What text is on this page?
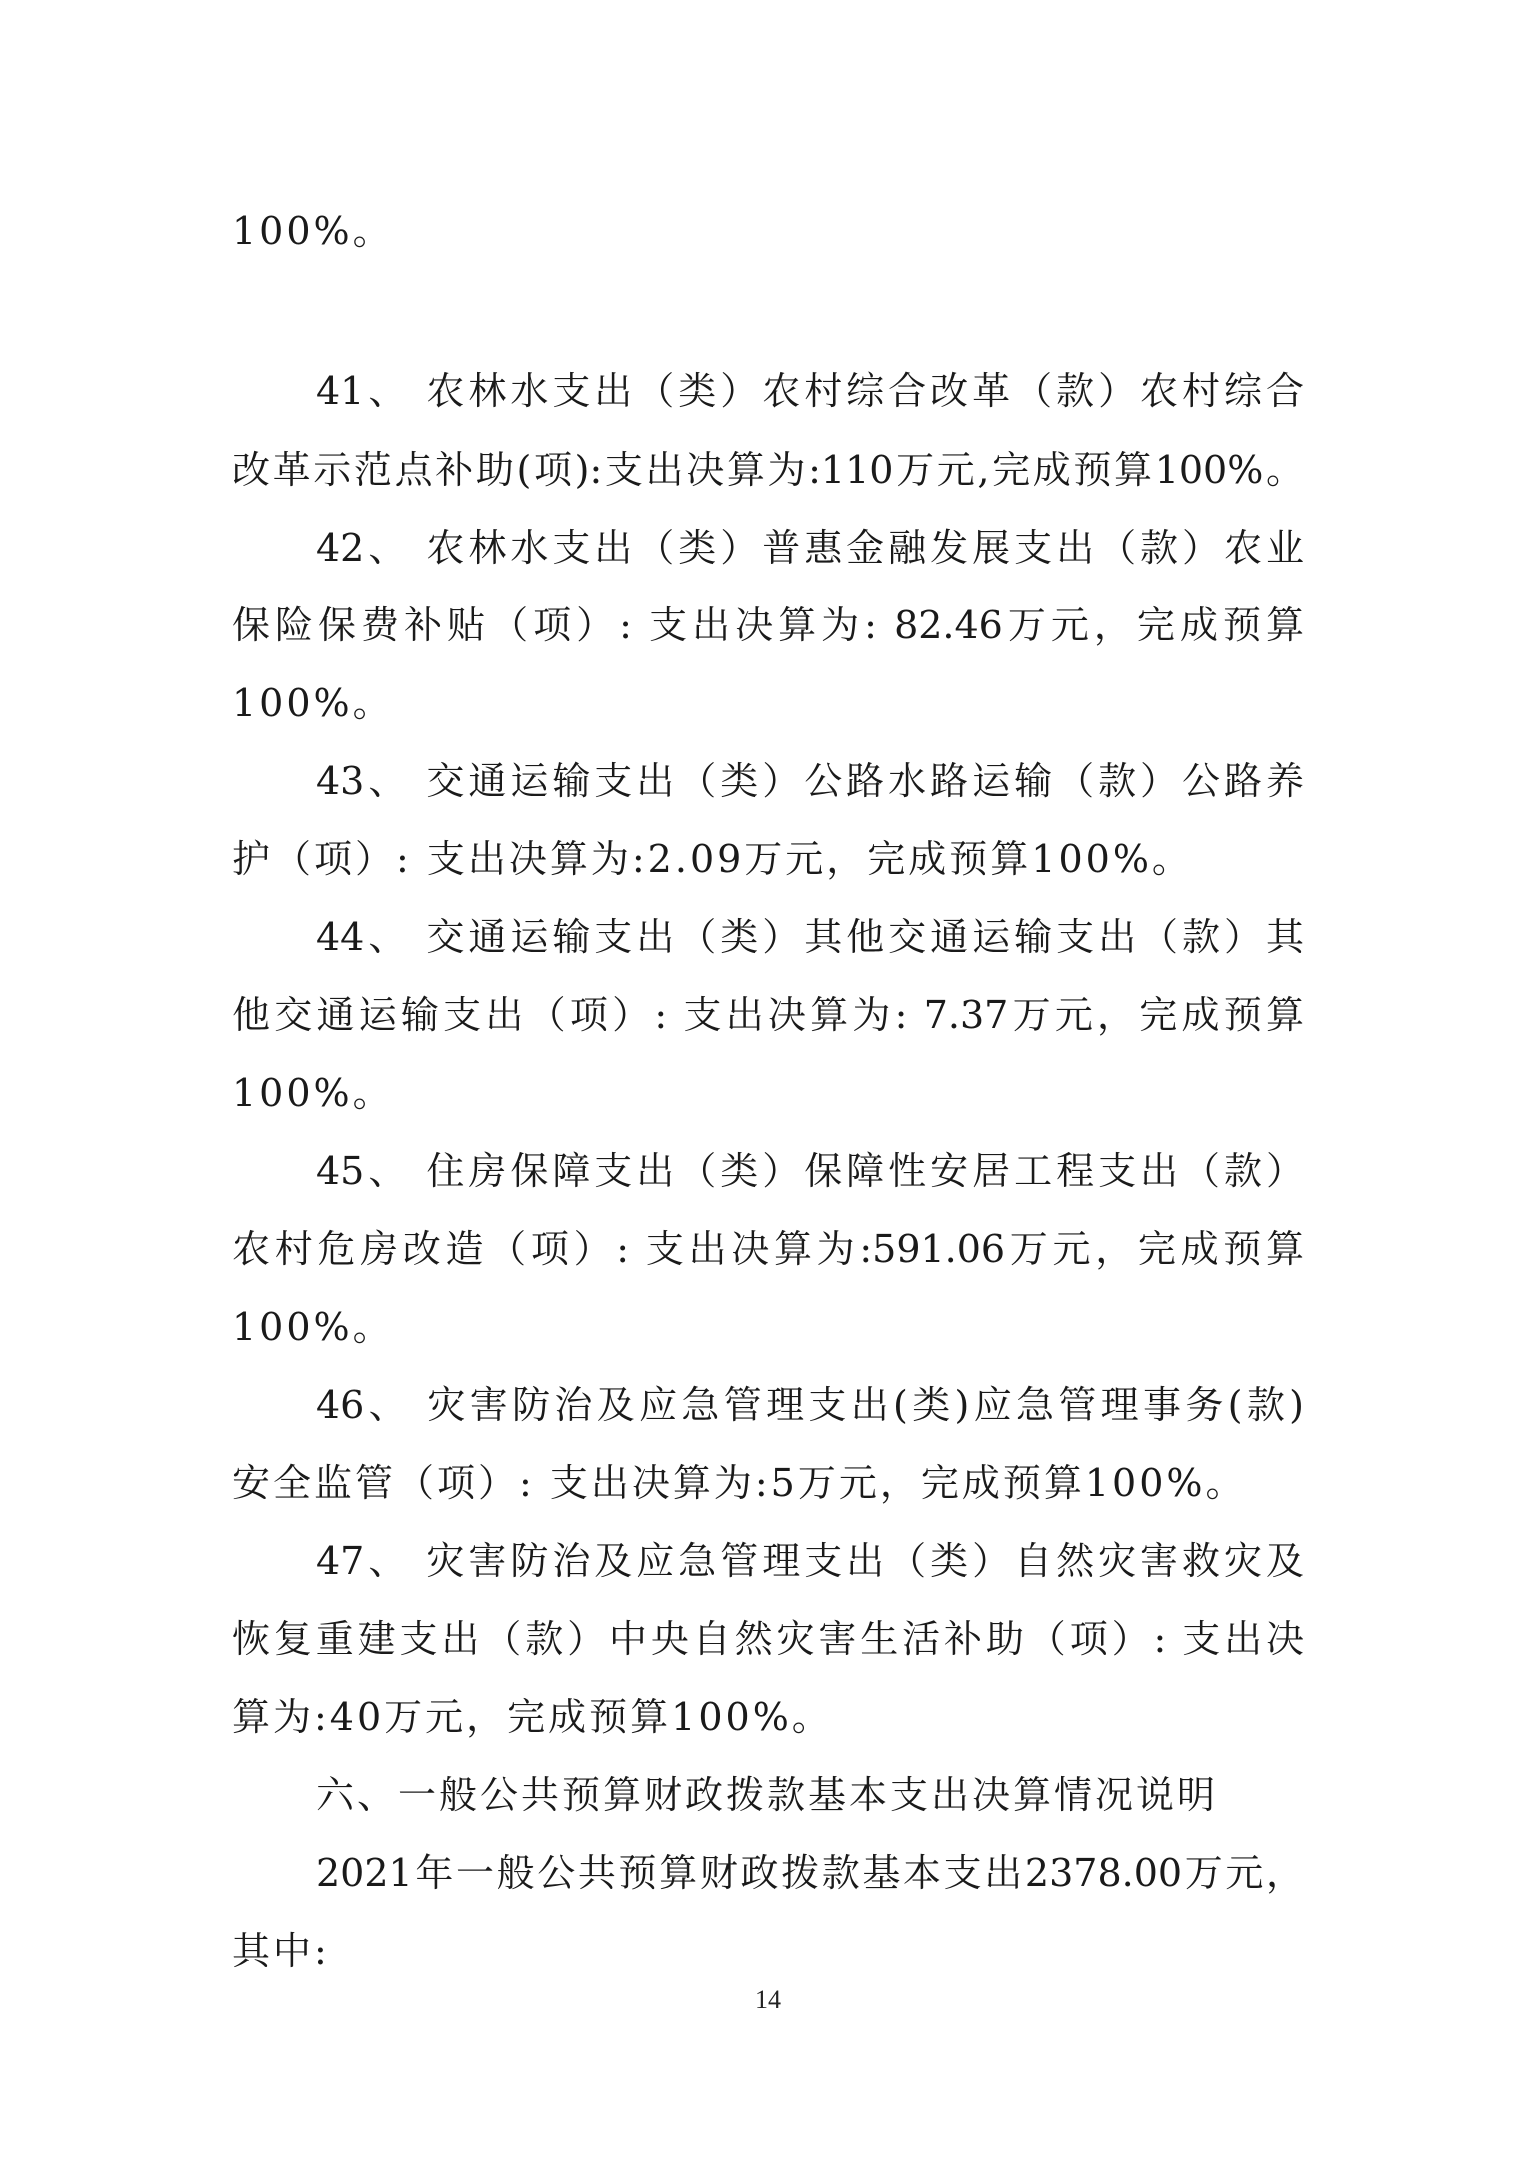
100%。
41、 农林水支出（类）农村综合改革（款）农村综合
改革示范点补助(项):支出决算为:110万元,完成预算100%。
42、 农林水支出（类）普惠金融发展支出（款）农业
保险保费补贴（项）: 支出决算为: 82.46万元，完成预算
100%。
43、 交通运输支出（类）公路水路运输（款）公路养
护（项）: 支出决算为:2.09万元，完成预算100%。
44、 交通运输支出（类）其他交通运输支出（款）其
他交通运输支出（项）: 支出决算为: 7.37万元，完成预算
100%。
45、 住房保障支出（类）保障性安居工程支出（款）
农村危房改造（项）: 支出决算为:591.06万元，完成预算
100%。
46、 灾害防治及应急管理支出(类)应急管理事务(款)
安全监管（项）: 支出决算为:5万元，完成预算100%。
47、 灾害防治及应急管理支出（类）自然灾害救灾及
恢复重建支出（款）中央自然灾害生活补助（项）: 支出决
算为:40万元，完成预算100%。
六、一般公共预算财政拨款基本支出决算情况说明
2021年一般公共预算财政拨款基本支出2378.00万元，
其中:
14
